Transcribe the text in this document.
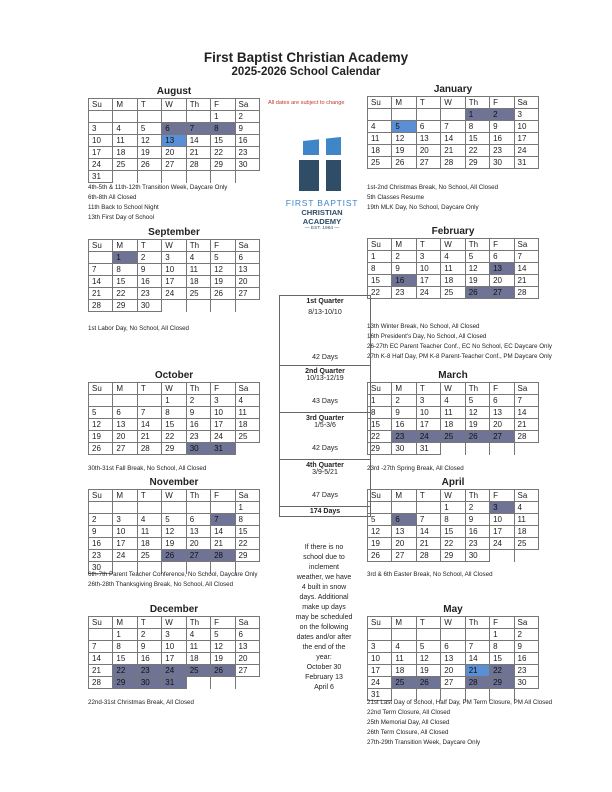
First Baptist Christian Academy
2025-2026 School Calendar
All dates are subject to change
FIRST BAPTIST
CHRISTIAN ACADEMY
— EST. 1964 —
August
Su	M	T	W	Th	F	Sa
					1	2
3	4	5	6	7	8	9
10	11	12	13	14	15	16
17	18	19	20	21	22	23
24	25	26	27	28	29	30
31						
September
Su	M	T	W	Th	F	Sa
	1	2	3	4	5	6
7	8	9	10	11	12	13
14	15	16	17	18	19	20
21	22	23	24	25	26	27
28	29	30				
October
Su	M	T	W	Th	F	Sa
			1	2	3	4
5	6	7	8	9	10	11
12	13	14	15	16	17	18
19	20	21	22	23	24	25
26	27	28	29	30	31	
November
Su	M	T	W	Th	F	Sa
						1
2	3	4	5	6	7	8
9	10	11	12	13	14	15
16	17	18	19	20	21	22
23	24	25	26	27	28	29
30						
December
Su	M	T	W	Th	F	Sa
	1	2	3	4	5	6
7	8	9	10	11	12	13
14	15	16	17	18	19	20
21	22	23	24	25	26	27
28	29	30	31			
January
Su	M	T	W	Th	F	Sa
				1	2	3
4	5	6	7	8	9	10
11	12	13	14	15	16	17
18	19	20	21	22	23	24
25	26	27	28	29	30	31
February
Su	M	T	W	Th	F	Sa
1	2	3	4	5	6	7
8	9	10	11	12	13	14
15	16	17	18	19	20	21
22	23	24	25	26	27	28
March
Su	M	T	W	Th	F	Sa
1	2	3	4	5	6	7
8	9	10	11	12	13	14
15	16	17	18	19	20	21
22	23	24	25	26	27	28
29	30	31				
April
Su	M	T	W	Th	F	Sa
			1	2	3	4
5	6	7	8	9	10	11
12	13	14	15	16	17	18
19	20	21	22	23	24	25
26	27	28	29	30		
May
Su	M	T	W	Th	F	Sa
					1	2
3	4	5	6	7	8	9
10	11	12	13	14	15	16
17	18	19	20	21	22	23
24	25	26	27	28	29	30
31						
4th-5th & 11th-12th Transition Week, Daycare Only
6th-8th All Closed
11th Back to School Night
13th First Day of School
1st Labor Day, No School, All Closed
30th-31st Fall Break, No School, All Closed
6th-7th Parent Teacher Conference, No School, Daycare Only
26th-28th Thanksgiving Break, No School, All Closed
22nd-31st Christmas Break, All Closed
1st-2nd Christmas Break, No School, All Closed
5th Classes Resume
19th MLK Day, No School, Daycare Only
13th Winter Break, No School, All Closed
16th President's Day, No School, All Closed
26-27th EC Parent Teacher Conf., EC No School, EC Daycare Only
27th K-8 Half Day, PM K-8 Parent-Teacher Conf., PM Daycare Only
23rd -27th Spring Break, All Closed
3rd & 6th Easter Break, No School, All Closed
21st Last Day of School, Half Day, PM Term Closure, PM All Closed
22nd Term Closure, All Closed
25th Memorial Day, All Closed
26th Term Closure, All Closed
27th-29th Transition Week, Daycare Only
1st Quarter
8/13-10/10
42 Days
2nd Quarter
10/13-12/19
43 Days
3rd Quarter
1/5-3/6
42 Days
4th Quarter
3/9-5/21
47 Days
174 Days
If there is no
school due to
inclement
weather, we have
4 built in snow
days. Additional
make up days
may be scheduled
on the following
dates and/or after
the end of the
year:
October 30
February 13
April 6
